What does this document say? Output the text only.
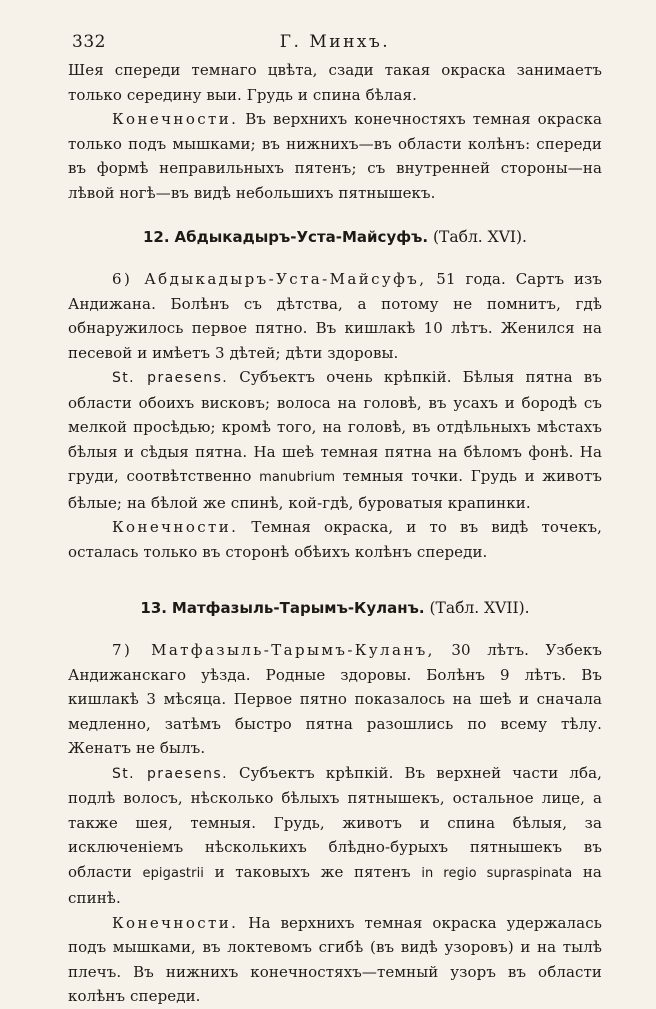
332	Г. Минхъ.

Шея спереди темнаго цвѣта, сзади такая окраска занимаетъ только середину выи. Грудь и спина бѣлая.

Конечности. Въ верхнихъ конечностяхъ темная окраска только подъ мышками; въ нижнихъ—въ области колѣнъ: спереди въ формѣ неправильныхъ пятенъ; съ внутренней стороны—на лѣвой ногѣ—въ видѣ небольшихъ пятнышекъ.

12. Абдыкадыръ-Уста-Майсуфъ. (Табл. XVI).

6) Абдыкадыръ-Уста-Майсуфъ, 51 года. Сартъ изъ Андижана. Болѣнъ съ дѣтства, а потому не помнитъ, гдѣ обнаружилось первое пятно. Въ кишлакѣ 10 лѣтъ. Женился на песевой и имѣетъ 3 дѣтей; дѣти здоровы.

St. praesens. Субъектъ очень крѣпкій. Бѣлыя пятна въ области обоихъ висковъ; волоса на головѣ, въ усахъ и бородѣ съ мелкой просѣдью; кромѣ того, на головѣ, въ отдѣльныхъ мѣстахъ бѣлыя и сѣдыя пятна. На шеѣ темная пятна на бѣломъ фонѣ. На груди, соотвѣтственно manubrium темныя точки. Грудь и животъ бѣлые; на бѣлой же спинѣ, кой-гдѣ, буроватыя крапинки.

Конечности. Темная окраска, и то въ видѣ точекъ, осталась только въ сторонѣ обѣихъ колѣнъ спереди.

13. Матфазыль-Тарымъ-Куланъ. (Табл. XVII).

7) Матфазыль-Тарымъ-Куланъ, 30 лѣтъ. Узбекъ Андижанскаго уѣзда. Родные здоровы. Болѣнъ 9 лѣтъ. Въ кишлакѣ 3 мѣсяца. Первое пятно показалось на шеѣ и сначала медленно, затѣмъ быстро пятна разошлись по всему тѣлу. Женатъ не былъ.

St. praesens. Субъектъ крѣпкій. Въ верхней части лба, подлѣ волосъ, нѣсколько бѣлыхъ пятнышекъ, остальное лице, а также шея, темныя. Грудь, животъ и спина бѣлыя, за исключеніемъ нѣсколькихъ блѣдно-бурыхъ пятнышекъ въ области epigastrii и таковыхъ же пятенъ in regio supraspinata на спинѣ.

Конечности. На верхнихъ темная окраска удержалась подъ мышками, въ локтевомъ сгибѣ (въ видѣ узоровъ) и на тылѣ плечъ. Въ нижнихъ конечностяхъ—темный узоръ въ области колѣнъ спереди.
